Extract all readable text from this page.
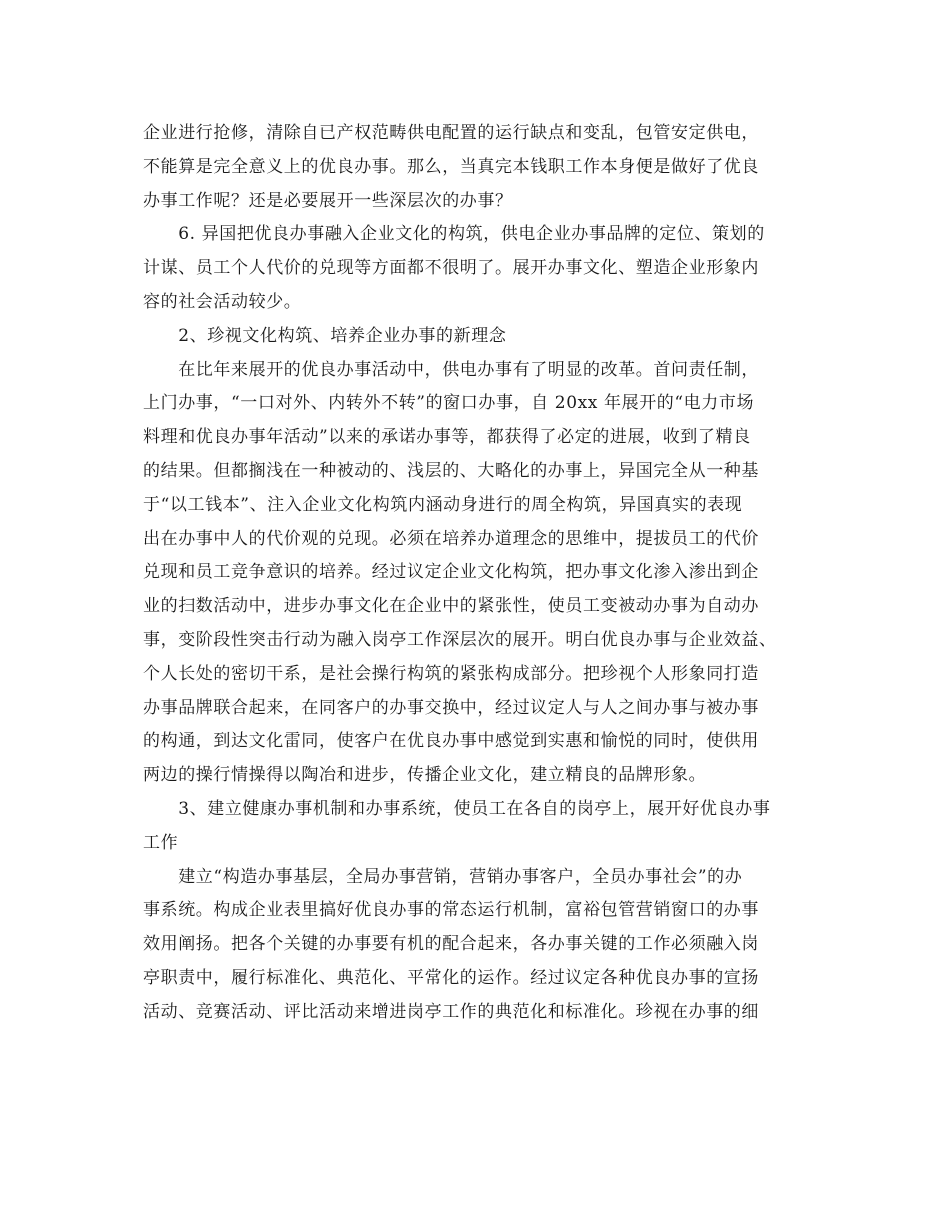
企业进行抢修，清除自已产权范畴供电配置的运行缺点和变乱，包管安定供电，
不能算是完全意义上的优良办事。那么，当真完本钱职工作本身便是做好了优良
办事工作呢？还是必要展开一些深层次的办事？
　　6. 异国把优良办事融入企业文化的构筑，供电企业办事品牌的定位、策划的
计谋、员工个人代价的兑现等方面都不很明了。展开办事文化、塑造企业形象内
容的社会活动较少。
　　2、珍视文化构筑、培养企业办事的新理念
　　在比年来展开的优良办事活动中，供电办事有了明显的改革。首问责任制，
上门办事，“一口对外、内转外不转”的窗口办事，自 20xx 年展开的“电力市场
料理和优良办事年活动”以来的承诺办事等，都获得了必定的进展，收到了精良
的结果。但都搁浅在一种被动的、浅层的、大略化的办事上，异国完全从一种基
于“以工钱本”、注入企业文化构筑内涵动身进行的周全构筑，异国真实的表现
出在办事中人的代价观的兑现。必须在培养办道理念的思维中，提拔员工的代价
兑现和员工竞争意识的培养。经过议定企业文化构筑，把办事文化渗入渗出到企
业的扫数活动中，进步办事文化在企业中的紧张性，使员工变被动办事为自动办
事，变阶段性突击行动为融入岗亭工作深层次的展开。明白优良办事与企业效益、
个人长处的密切干系，是社会操行构筑的紧张构成部分。把珍视个人形象同打造
办事品牌联合起来，在同客户的办事交换中，经过议定人与人之间办事与被办事
的构通，到达文化雷同，使客户在优良办事中感觉到实惠和愉悦的同时，使供用
两边的操行情操得以陶冶和进步，传播企业文化，建立精良的品牌形象。
　　3、建立健康办事机制和办事系统，使员工在各自的岗亭上，展开好优良办事
工作
　　建立“构造办事基层，全局办事营销，营销办事客户，全员办事社会”的办
事系统。构成企业表里搞好优良办事的常态运行机制，富裕包管营销窗口的办事
效用阐扬。把各个关键的办事要有机的配合起来，各办事关键的工作必须融入岗
亭职责中，履行标准化、典范化、平常化的运作。经过议定各种优良办事的宣扬
活动、竞赛活动、评比活动来增进岗亭工作的典范化和标准化。珍视在办事的细
